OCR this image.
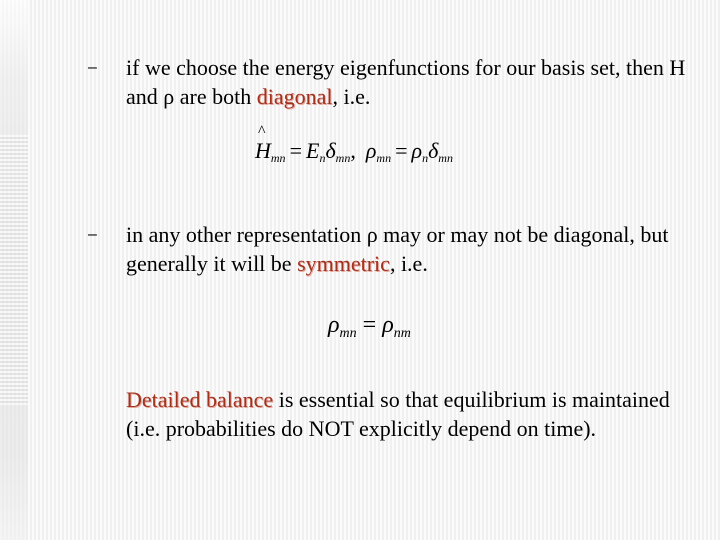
– if we choose the energy eigenfunctions for our basis set, then H and ρ are both diagonal, i.e.
^ $H_{mn} = E_n\delta_{mn}$, $\rho_{mn} = \rho_n\delta_{mn}$
– in any other representation ρ may or may not be diagonal, but generally it will be symmetric, i.e.
$\rho_{mn} = \rho_{nm}$
Detailed balance is essential so that equilibrium is maintained (i.e. probabilities do NOT explicitly depend on time).
